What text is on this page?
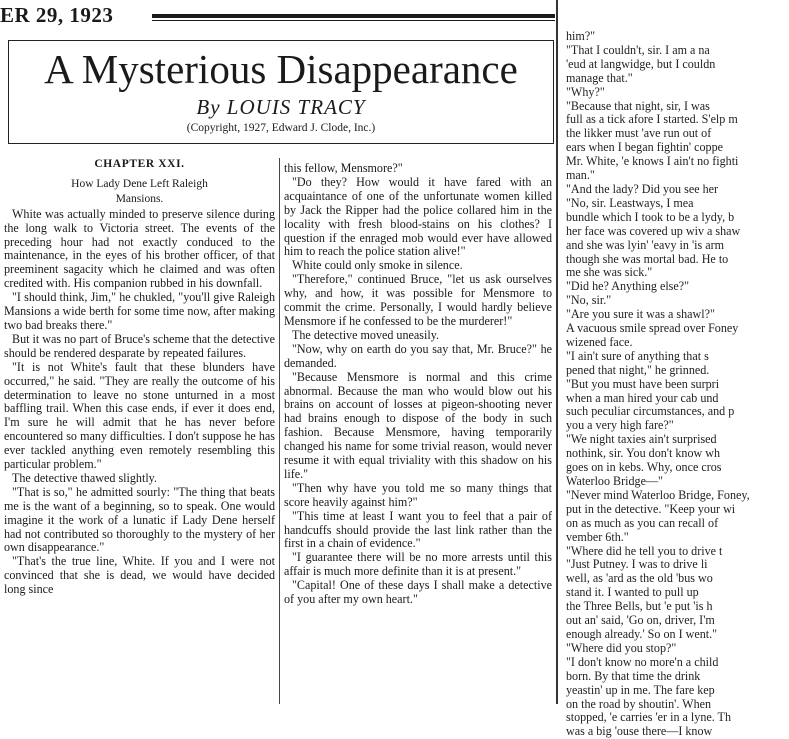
ER 29, 1923
A Mysterious Disappearance
By LOUIS TRACY
(Copyright, 1927, Edward J. Clode, Inc.)
CHAPTER XXI.
How Lady Dene Left Raleigh
Mansions.

White was actually minded to preserve silence during the long walk to Victoria street. The events of the preceding hour had not exactly conduced to the maintenance, in the eyes of his brother officer, of that preeminent sagacity which he claimed and was often credited with. His companion rubbed in his downfall.

"I should think, Jim," he chukled, "you'll give Raleigh Mansions a wide berth for some time now, after making two bad breaks there."

But it was no part of Bruce's scheme that the detective should be rendered desparate by repeated failures.

"It is not White's fault that these blunders have occurred," he said. "They are really the outcome of his determination to leave no stone unturned in a most baffling trail. When this case ends, if ever it does end, I'm sure he will admit that he has never before encountered so many difficulties. I don't suppose he has ever tackled anything even remotely resembling this particular problem."

The detective thawed slightly.

"That is so," he admitted sourly: "The thing that beats me is the want of a beginning, so to speak. One would imagine it the work of a lunatic if Lady Dene herself had not contributed so thoroughly to the mystery of her own disappearance."

"That's the true line, White. If you and I were not convinced that she is dead, we would have decided long since

this fellow, Mensmore?"

"Do they? How would it have fared with an acquaintance of one of the unfortunate women killed by Jack the Ripper had the police collared him in the locality with fresh blood-stains on his clothes? I question if the enraged mob would ever have allowed him to reach the police station alive!"

White could only smoke in silence.

"Therefore," continued Bruce, "let us ask ourselves why, and how, it was possible for Mensmore to commit the crime. Personally, I would hardly believe Mensmore if he confessed to be the murderer!"

The detective moved uneasily.

"Now, why on earth do you say that, Mr. Bruce?" he demanded.

"Because Mensmore is normal and this crime abnormal. Because the man who would blow out his brains on account of losses at pigeon-shooting never had brains enough to dispose of the body in such fashion. Because Mensmore, having temporarily changed his name for some trivial reason, would never resume it with equal triviality with this shadow on his life."

"Then why have you told me so many things that score heavily against him?"

"This time at least I want you to feel that a pair of handcuffs should provide the last link rather than the first in a chain of evidence."

"I guarantee there will be no more arrests until this affair is much more definite than it is at present."

"Capital! One of these days I shall make a detective of you after my own heart."

him?"

"That I couldn't, sir. I am a na

'eud at langwidge, but I couldn

manage that."

"Why?"

"Because that night, sir, I was

full as a tick afore I started. S'elp m

the likker must 'ave run out of

ears when I began fightin' coppe

Mr. White, 'e knows I ain't no fighti

man."

"And the lady? Did you see her

"No, sir. Leastways, I mea

bundle which I took to be a lydy, b

her face was covered up wiv a shaw

and she was lyin' 'eavy in 'is arm

though she was mortal bad. He to

me she was sick."

"Did he? Anything else?"

"No, sir."

"Are you sure it was a shawl?"

A vacuous smile spread over Foney

wizened face.

"I ain't sure of anything that s

pened that night," he grinned.

"But you must have been surpri

when a man hired your cab und

such peculiar circumstances, and p

you a very high fare?"

"We night taxies ain't surprised

nothink, sir. You don't know wh

goes on in kebs. Why, once cros

Waterloo Bridge—"

"Never mind Waterloo Bridge, Foney,

put in the detective. "Keep your wi

on as much as you can recall of

vember 6th."

"Where did he tell you to drive t

"Just Putney. I was to drive li

well, as 'ard as the old 'bus wo

stand it. I wanted to pull up

the Three Bells, but 'e put 'is h

out an' said, 'Go on, driver, I'm

enough already.' So on I went."

"Where did you stop?"

"I don't know no more'n a child

born. By that time the drink

yeastin' up in me. The fare kep

on the road by shoutin'. When

stopped, 'e carries 'er in a lyne. Th

was a big 'ouse there—I know
